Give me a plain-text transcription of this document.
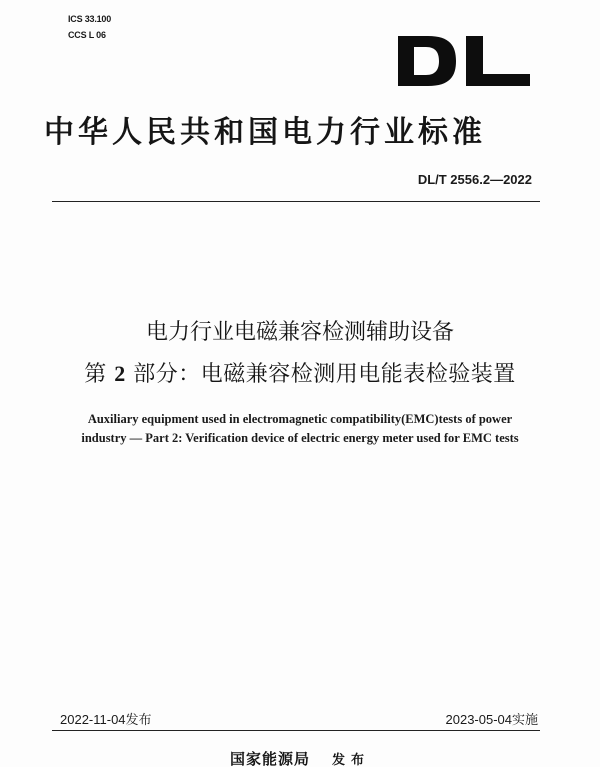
ICS 33.100
CCS L 06
中华人民共和国电力行业标准
DL/T 2556.2—2022
电力行业电磁兼容检测辅助设备
第 2 部分：电磁兼容检测用电能表检验装置
Auxiliary equipment used in electromagnetic compatibility(EMC)tests of power
industry — Part 2: Verification device of electric energy meter used for EMC tests
2022-11-04发布	2023-05-04实施
国家能源局 发布
